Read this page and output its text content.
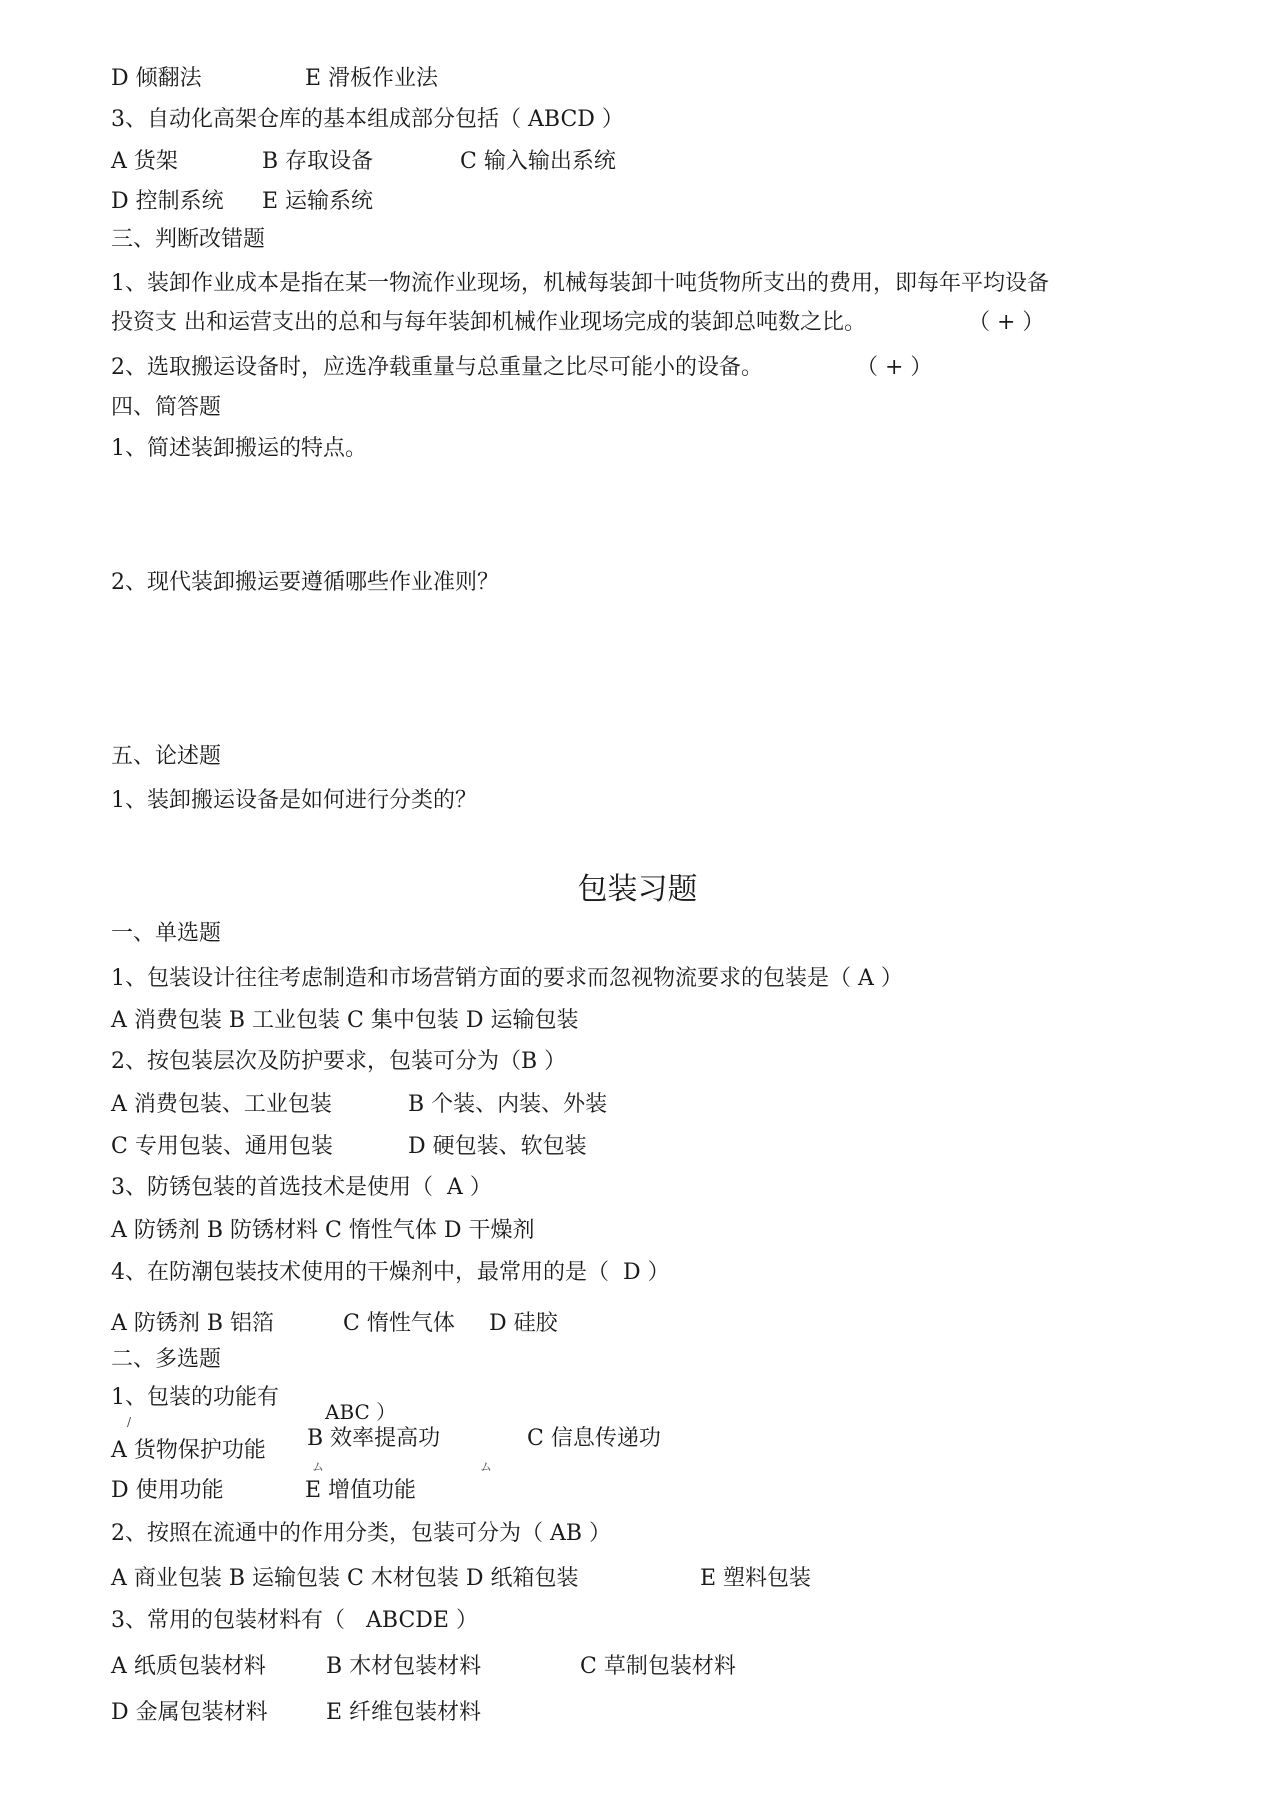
D 倾翻法	E 滑板作业法
3、自动化高架仓库的基本组成部分包括（ ABCD ）
A 货架	B 存取设备	C 输入输出系统
D 控制系统 E 运输系统
三、判断改错题
1、装卸作业成本是指在某一物流作业现场，机械每装卸十吨货物所支出的费用，即每年平均设备
投资支 出和运营支出的总和与每年装卸机械作业现场完成的装卸总吨数之比。	（ + ）
2、选取搬运设备时，应选净载重量与总重量之比尽可能小的设备。	（ + ）
四、简答题
1、简述装卸搬运的特点。
2、现代装卸搬运要遵循哪些作业准则？
五、论述题
1、装卸搬运设备是如何进行分类的？
包装习题
一、单选题
1、包装设计往往考虑制造和市场营销方面的要求而忽视物流要求的包装是（ A ）
A 消费包装 B 工业包装 C 集中包装 D 运输包装
2、按包装层次及防护要求，包装可分为（B ）
A 消费包装、工业包装	B 个装、内装、外装
C 专用包装、通用包装	D 硬包装、软包装
3、防锈包装的首选技术是使用（  A ）
A 防锈剂 B 防锈材料 C 惰性气体 D 干燥剂
4、在防潮包装技术使用的干燥剂中，最常用的是（  D ）
A 防锈剂 B 铝箔	C 惰性气体 D 硅胶
二、多选题
1、包装的功能有
ABC ）
/
A 货物保护功能 B 效率提高功	C 信息传递功
ム	ム
D 使用功能	E 增值功能
2、按照在流通中的作用分类，包装可分为（ AB ）
A 商业包装 B 运输包装 C 木材包装 D 纸箱包装	E 塑料包装
3、常用的包装材料有（   ABCDE ）
A 纸质包装材料	B 木材包装材料	C 草制包装材料
D 金属包装材料	E 纤维包装材料
